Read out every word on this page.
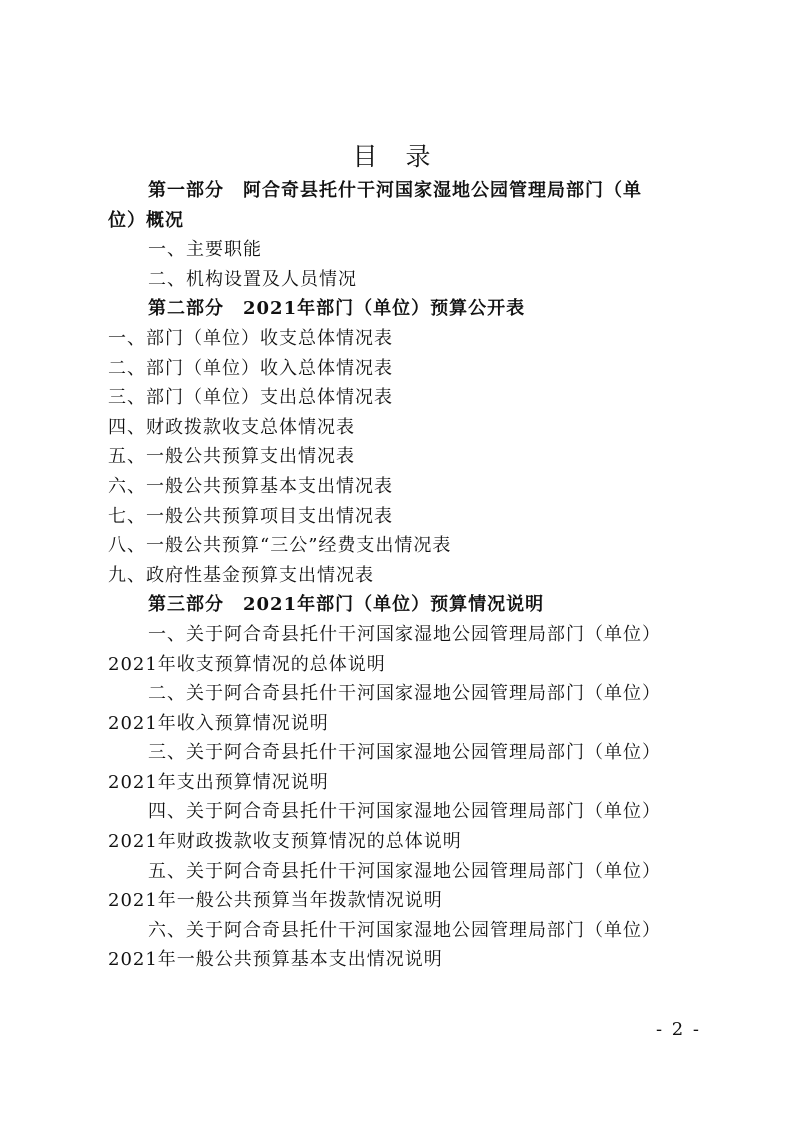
目 录
第一部分　阿合奇县托什干河国家湿地公园管理局部门（单
位）概况
一、主要职能
二、机构设置及人员情况
第二部分　2021年部门（单位）预算公开表
一、部门（单位）收支总体情况表
二、部门（单位）收入总体情况表
三、部门（单位）支出总体情况表
四、财政拨款收支总体情况表
五、一般公共预算支出情况表
六、一般公共预算基本支出情况表
七、一般公共预算项目支出情况表
八、一般公共预算“三公”经费支出情况表
九、政府性基金预算支出情况表
第三部分　2021年部门（单位）预算情况说明
一、关于阿合奇县托什干河国家湿地公园管理局部门（单位）
2021年收支预算情况的总体说明
二、关于阿合奇县托什干河国家湿地公园管理局部门（单位）
2021年收入预算情况说明
三、关于阿合奇县托什干河国家湿地公园管理局部门（单位）
2021年支出预算情况说明
四、关于阿合奇县托什干河国家湿地公园管理局部门（单位）
2021年财政拨款收支预算情况的总体说明
五、关于阿合奇县托什干河国家湿地公园管理局部门（单位）
2021年一般公共预算当年拨款情况说明
六、关于阿合奇县托什干河国家湿地公园管理局部门（单位）
2021年一般公共预算基本支出情况说明
- 2 -
